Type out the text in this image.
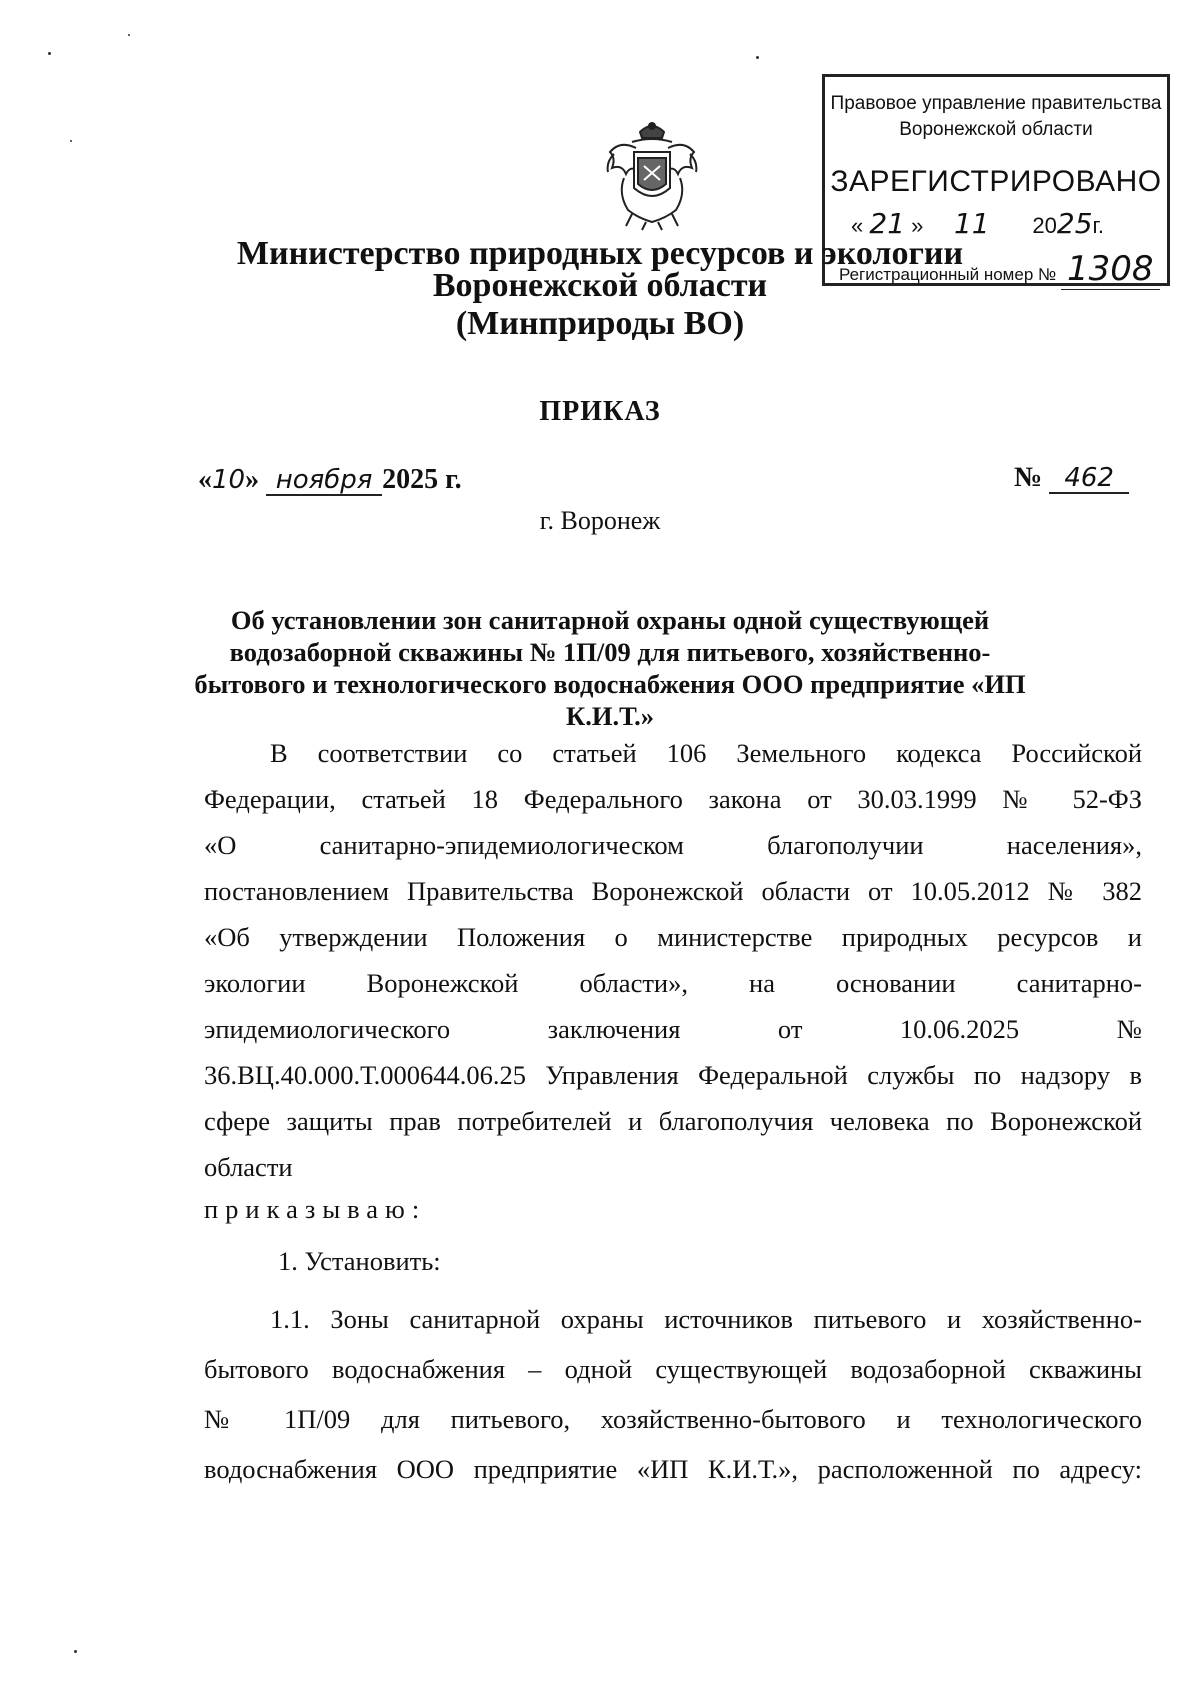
Правовое управление правительства
Воронежской области
ЗАРЕГИСТРИРОВАНО
« 21 » 11 2025г.
Регистрационный номер № 1308
Министерство природных ресурсов и экологии
Воронежской области
(Минприроды ВО)
ПРИКАЗ
«10» ноября 2025 г.	№ 462
г. Воронеж
Об установлении зон санитарной охраны одной существующей водозаборной скважины № 1П/09 для питьевого, хозяйственно-бытового и технологического водоснабжения ООО предприятие «ИП К.И.Т.»
В соответствии со статьей 106 Земельного кодекса Российской
Федерации, статьей 18 Федерального закона от 30.03.1999 № 52-ФЗ
«О санитарно-эпидемиологическом благополучии населения»,
постановлением Правительства Воронежской области от 10.05.2012 № 382
«Об утверждении Положения о министерстве природных ресурсов и
экологии Воронежской области», на основании санитарно-
эпидемиологического заключения от 10.06.2025 №
36.ВЦ.40.000.Т.000644.06.25 Управления Федеральной службы по надзору в
сфере защиты прав потребителей и благополучия человека по Воронежской
области
приказываю:
1. Установить:
1.1. Зоны санитарной охраны источников питьевого и хозяйственно-
бытового водоснабжения – одной существующей водозаборной скважины
№ 1П/09 для питьевого, хозяйственно-бытового и технологического
водоснабжения ООО предприятие «ИП К.И.Т.», расположенной по адресу:
